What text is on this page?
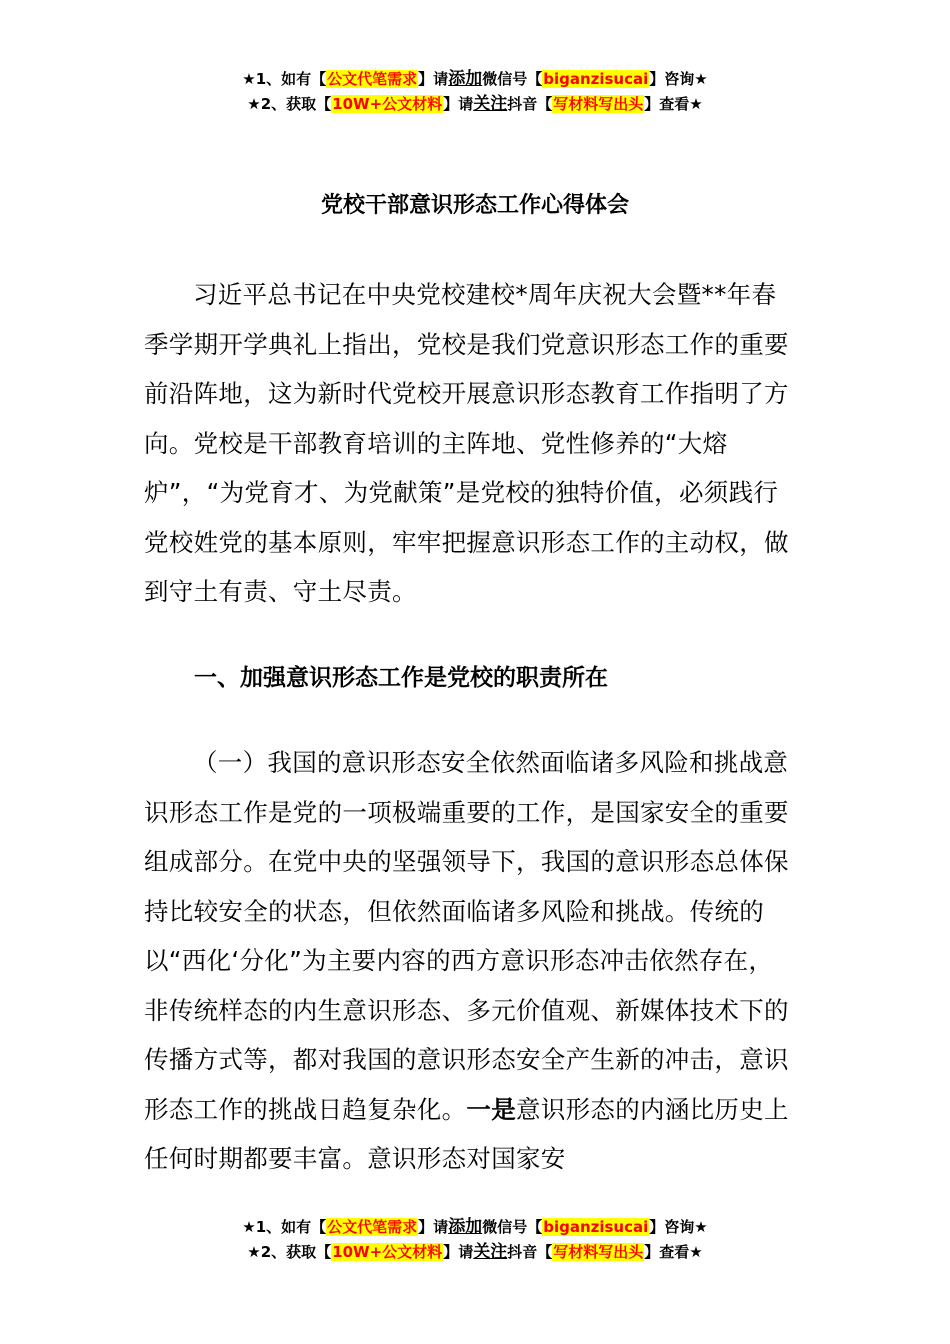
★1、如有【公文代笔需求】请添加微信号【biganzisucai】咨询★
★2、获取【10W+公文材料】请关注抖音【写材料写出头】查看★
党校干部意识形态工作心得体会
习近平总书记在中央党校建校*周年庆祝大会暨**年春季学期开学典礼上指出，党校是我们党意识形态工作的重要前沿阵地，这为新时代党校开展意识形态教育工作指明了方向。党校是干部教育培训的主阵地、党性修养的“大熔炉”，“为党育才、为党献策”是党校的独特价值，必须践行党校姓党的基本原则，牢牢把握意识形态工作的主动权，做到守土有责、守土尽责。
一、加强意识形态工作是党校的职责所在
（一）我国的意识形态安全依然面临诸多风险和挑战意识形态工作是党的一项极端重要的工作，是国家安全的重要组成部分。在党中央的坚强领导下，我国的意识形态总体保持比较安全的状态，但依然面临诸多风险和挑战。传统的以“西化‘分化”为主要内容的西方意识形态冲击依然存在，非传统样态的内生意识形态、多元价值观、新媒体技术下的传播方式等，都对我国的意识形态安全产生新的冲击，意识形态工作的挑战日趋复杂化。一是意识形态的内涵比历史上任何时期都要丰富。意识形态对国家安
★1、如有【公文代笔需求】请添加微信号【biganzisucai】咨询★
★2、获取【10W+公文材料】请关注抖音【写材料写出头】查看★
